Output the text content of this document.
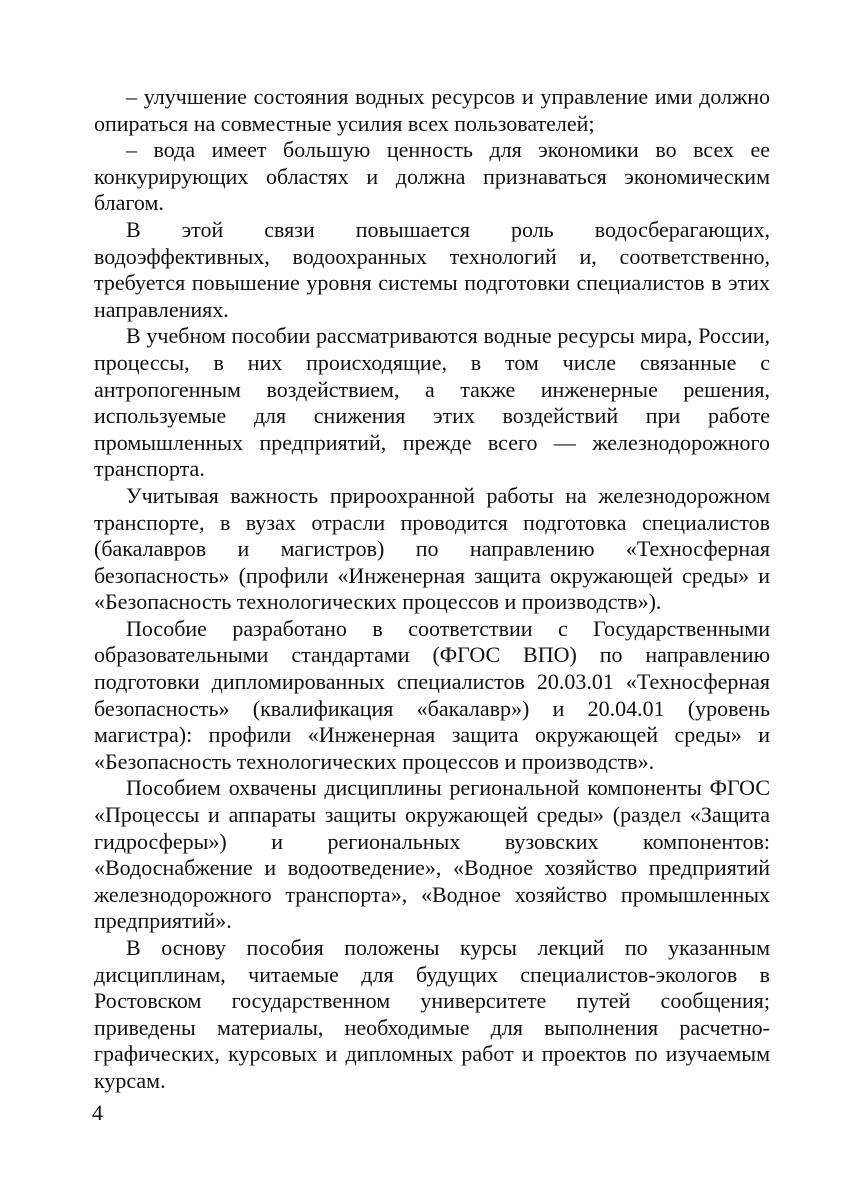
– улучшение состояния водных ресурсов и управление ими должно опираться на совместные усилия всех пользователей;

– вода имеет большую ценность для экономики во всех ее конкурирующих областях и должна признаваться экономическим благом.

В этой связи повышается роль водосберагающих, водоэффективных, водоохранных технологий и, соответственно, требуется повышение уровня системы подготовки специалистов в этих направлениях.

В учебном пособии рассматриваются водные ресурсы мира, России, процессы, в них происходящие, в том числе связанные с антропогенным воздействием, а также инженерные решения, используемые для снижения этих воздействий при работе промышленных предприятий, прежде всего — железнодорожного транспорта.

Учитывая важность прироохранной работы на железнодорожном транспорте, в вузах отрасли проводится подготовка специалистов (бакалавров и магистров) по направлению «Техносферная безопасность» (профили «Инженерная защита окружающей среды» и «Безопасность технологических процессов и производств»).

Пособие разработано в соответствии с Государственными образовательными стандартами (ФГОС ВПО) по направлению подготовки дипломированных специалистов 20.03.01 «Техносферная безопасность» (квалификация «бакалавр») и 20.04.01 (уровень магистра): профили «Инженерная защита окружающей среды» и «Безопасность технологических процессов и производств».

Пособием охвачены дисциплины региональной компоненты ФГОС «Процессы и аппараты защиты окружающей среды» (раздел «Защита гидросферы») и региональных вузовских компонентов: «Водоснабжение и водоотведение», «Водное хозяйство предприятий железнодорожного транспорта», «Водное хозяйство промышленных предприятий».

В основу пособия положены курсы лекций по указанным дисциплинам, читаемые для будущих специалистов-экологов в Ростовском государственном университете путей сообщения; приведены материалы, необходимые для выполнения расчетно-графических, курсовых и дипломных работ и проектов по изучаемым курсам.

4
